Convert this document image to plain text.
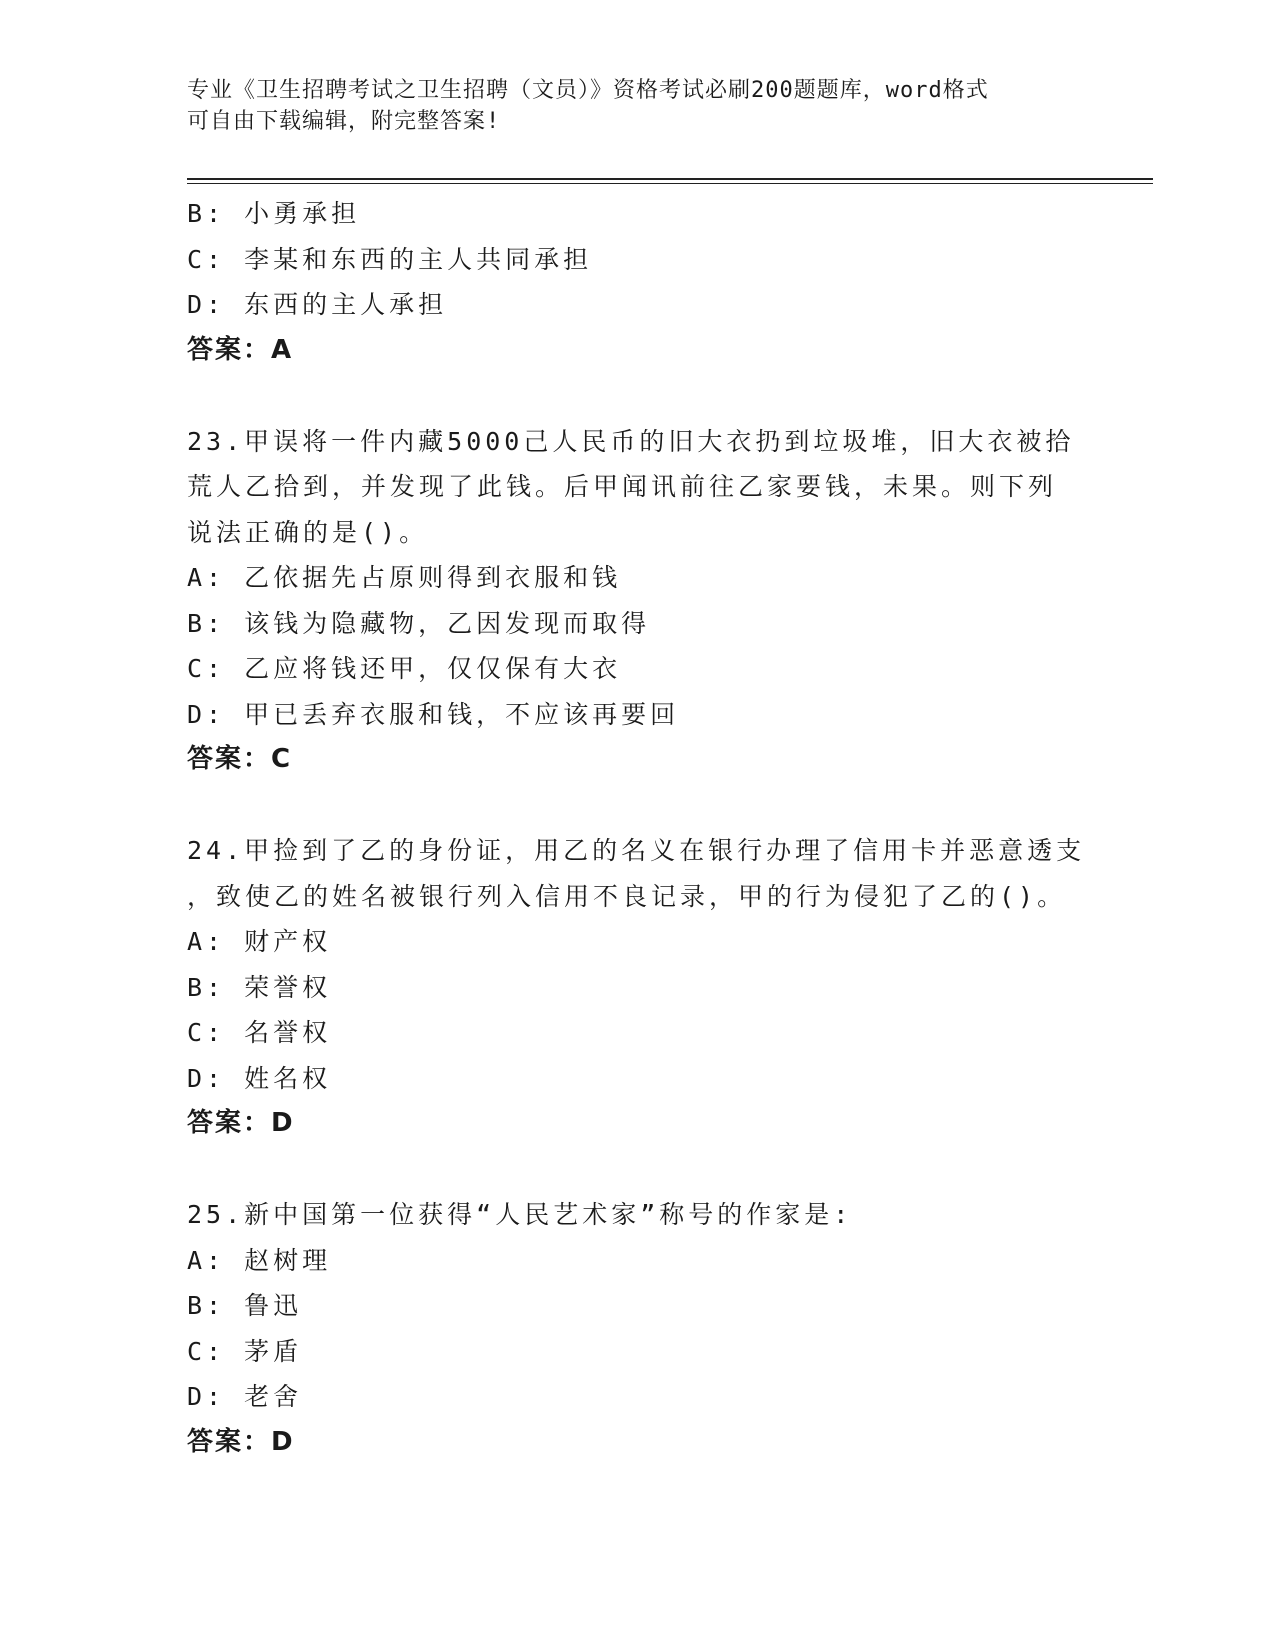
专业《卫生招聘考试之卫生招聘（文员）》资格考试必刷200题题库，word格式
可自由下载编辑，附完整答案!
B: 小勇承担
C: 李某和东西的主人共同承担
D: 东西的主人承担
答案：A
23.甲误将一件内藏5000己人民币的旧大衣扔到垃圾堆，旧大衣被拾
荒人乙拾到，并发现了此钱。后甲闻讯前往乙家要钱，未果。则下列
说法正确的是()。
A: 乙依据先占原则得到衣服和钱
B: 该钱为隐藏物，乙因发现而取得
C: 乙应将钱还甲，仅仅保有大衣
D: 甲已丢弃衣服和钱，不应该再要回
答案：C
24.甲捡到了乙的身份证，用乙的名义在银行办理了信用卡并恶意透支
，致使乙的姓名被银行列入信用不良记录，甲的行为侵犯了乙的()。
A: 财产权
B: 荣誉权
C: 名誉权
D: 姓名权
答案：D
25.新中国第一位获得“人民艺术家”称号的作家是:
A: 赵树理
B: 鲁迅
C: 茅盾
D: 老舍
答案：D
